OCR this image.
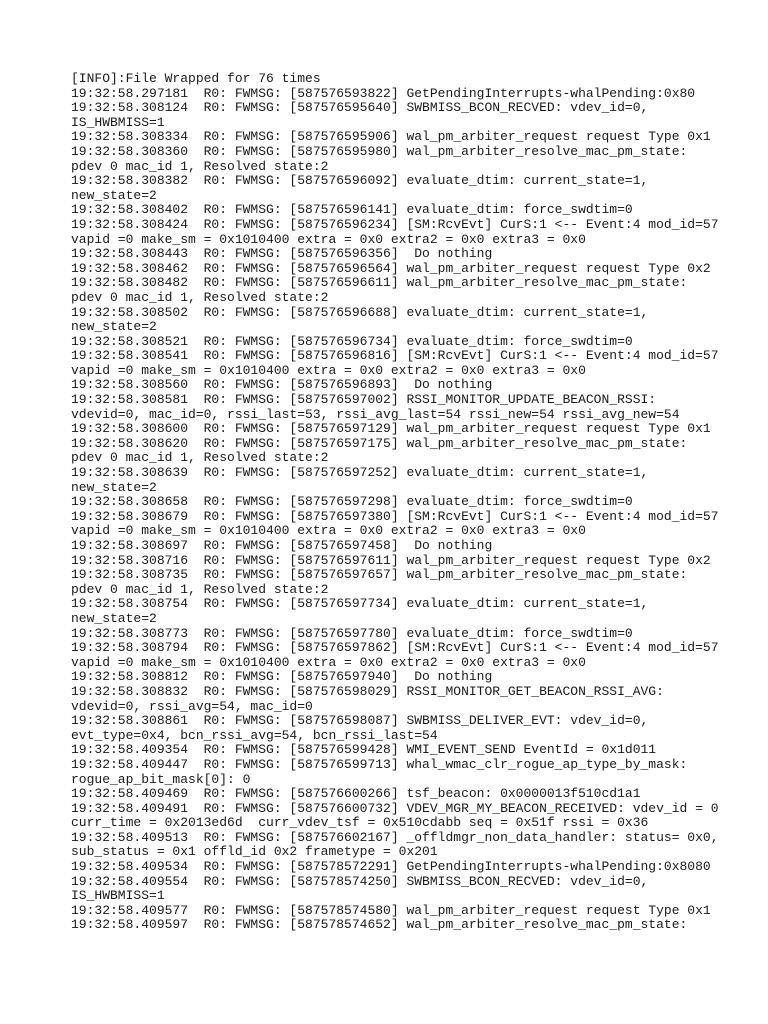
[INFO]:File Wrapped for 76 times
19:32:58.297181  R0: FWMSG: [587576593822] GetPendingInterrupts-whalPending:0x80
19:32:58.308124  R0: FWMSG: [587576595640] SWBMISS_BCON_RECVED: vdev_id=0,
IS_HWBMISS=1
19:32:58.308334  R0: FWMSG: [587576595906] wal_pm_arbiter_request request Type 0x1
19:32:58.308360  R0: FWMSG: [587576595980] wal_pm_arbiter_resolve_mac_pm_state:
pdev 0 mac_id 1, Resolved state:2
19:32:58.308382  R0: FWMSG: [587576596092] evaluate_dtim: current_state=1,
new_state=2
19:32:58.308402  R0: FWMSG: [587576596141] evaluate_dtim: force_swdtim=0
19:32:58.308424  R0: FWMSG: [587576596234] [SM:RcvEvt] CurS:1 <-- Event:4 mod_id=57
vapid =0 make_sm = 0x1010400 extra = 0x0 extra2 = 0x0 extra3 = 0x0
19:32:58.308443  R0: FWMSG: [587576596356]  Do nothing
19:32:58.308462  R0: FWMSG: [587576596564] wal_pm_arbiter_request request Type 0x2
19:32:58.308482  R0: FWMSG: [587576596611] wal_pm_arbiter_resolve_mac_pm_state:
pdev 0 mac_id 1, Resolved state:2
19:32:58.308502  R0: FWMSG: [587576596688] evaluate_dtim: current_state=1,
new_state=2
19:32:58.308521  R0: FWMSG: [587576596734] evaluate_dtim: force_swdtim=0
19:32:58.308541  R0: FWMSG: [587576596816] [SM:RcvEvt] CurS:1 <-- Event:4 mod_id=57
vapid =0 make_sm = 0x1010400 extra = 0x0 extra2 = 0x0 extra3 = 0x0
19:32:58.308560  R0: FWMSG: [587576596893]  Do nothing
19:32:58.308581  R0: FWMSG: [587576597002] RSSI_MONITOR_UPDATE_BEACON_RSSI:
vdevid=0, mac_id=0, rssi_last=53, rssi_avg_last=54 rssi_new=54 rssi_avg_new=54
19:32:58.308600  R0: FWMSG: [587576597129] wal_pm_arbiter_request request Type 0x1
19:32:58.308620  R0: FWMSG: [587576597175] wal_pm_arbiter_resolve_mac_pm_state:
pdev 0 mac_id 1, Resolved state:2
19:32:58.308639  R0: FWMSG: [587576597252] evaluate_dtim: current_state=1,
new_state=2
19:32:58.308658  R0: FWMSG: [587576597298] evaluate_dtim: force_swdtim=0
19:32:58.308679  R0: FWMSG: [587576597380] [SM:RcvEvt] CurS:1 <-- Event:4 mod_id=57
vapid =0 make_sm = 0x1010400 extra = 0x0 extra2 = 0x0 extra3 = 0x0
19:32:58.308697  R0: FWMSG: [587576597458]  Do nothing
19:32:58.308716  R0: FWMSG: [587576597611] wal_pm_arbiter_request request Type 0x2
19:32:58.308735  R0: FWMSG: [587576597657] wal_pm_arbiter_resolve_mac_pm_state:
pdev 0 mac_id 1, Resolved state:2
19:32:58.308754  R0: FWMSG: [587576597734] evaluate_dtim: current_state=1,
new_state=2
19:32:58.308773  R0: FWMSG: [587576597780] evaluate_dtim: force_swdtim=0
19:32:58.308794  R0: FWMSG: [587576597862] [SM:RcvEvt] CurS:1 <-- Event:4 mod_id=57
vapid =0 make_sm = 0x1010400 extra = 0x0 extra2 = 0x0 extra3 = 0x0
19:32:58.308812  R0: FWMSG: [587576597940]  Do nothing
19:32:58.308832  R0: FWMSG: [587576598029] RSSI_MONITOR_GET_BEACON_RSSI_AVG:
vdevid=0, rssi_avg=54, mac_id=0
19:32:58.308861  R0: FWMSG: [587576598087] SWBMISS_DELIVER_EVT: vdev_id=0,
evt_type=0x4, bcn_rssi_avg=54, bcn_rssi_last=54
19:32:58.409354  R0: FWMSG: [587576599428] WMI_EVENT_SEND EventId = 0x1d011
19:32:58.409447  R0: FWMSG: [587576599713] whal_wmac_clr_rogue_ap_type_by_mask:
rogue_ap_bit_mask[0]: 0
19:32:58.409469  R0: FWMSG: [587576600266] tsf_beacon: 0x0000013f510cd1a1
19:32:58.409491  R0: FWMSG: [587576600732] VDEV_MGR_MY_BEACON_RECEIVED: vdev_id = 0
curr_time = 0x2013ed6d  curr_vdev_tsf = 0x510cdabb seq = 0x51f rssi = 0x36
19:32:58.409513  R0: FWMSG: [587576602167] _offldmgr_non_data_handler: status= 0x0,
sub_status = 0x1 offld_id 0x2 frametype = 0x201
19:32:58.409534  R0: FWMSG: [587578572291] GetPendingInterrupts-whalPending:0x8080
19:32:58.409554  R0: FWMSG: [587578574250] SWBMISS_BCON_RECVED: vdev_id=0,
IS_HWBMISS=1
19:32:58.409577  R0: FWMSG: [587578574580] wal_pm_arbiter_request request Type 0x1
19:32:58.409597  R0: FWMSG: [587578574652] wal_pm_arbiter_resolve_mac_pm_state:
